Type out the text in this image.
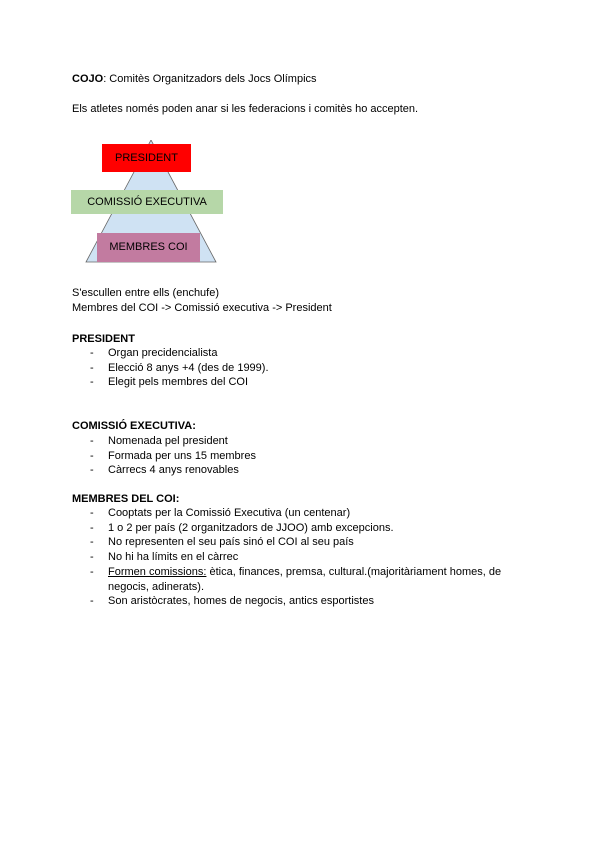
COJO: Comitès Organitzadors dels Jocs Olímpics
Els atletes només poden anar si les federacions i comitès ho accepten.
PRESIDENT
COMISSIÓ EXECUTIVA
MEMBRES COI
S'escullen entre ells (enchufe)
Membres del COI -> Comissió executiva -> President
PRESIDENT
- Organ precidencialista
- Elecció 8 anys +4 (des de 1999).
- Elegit pels membres del COI
COMISSIÓ EXECUTIVA:
- Nomenada pel president
- Formada per uns 15 membres
- Càrrecs 4 anys renovables
MEMBRES DEL COI:
- Cooptats per la Comissió Executiva (un centenar)
- 1 o 2 per país (2 organitzadors de JJOO) amb excepcions.
- No representen el seu país sinó el COI al seu país
- No hi ha límits en el càrrec
- Formen comissions: ètica, finances, premsa, cultural.(majoritàriament homes, de
negocis, adinerats).
- Son aristòcrates, homes de negocis, antics esportistes
